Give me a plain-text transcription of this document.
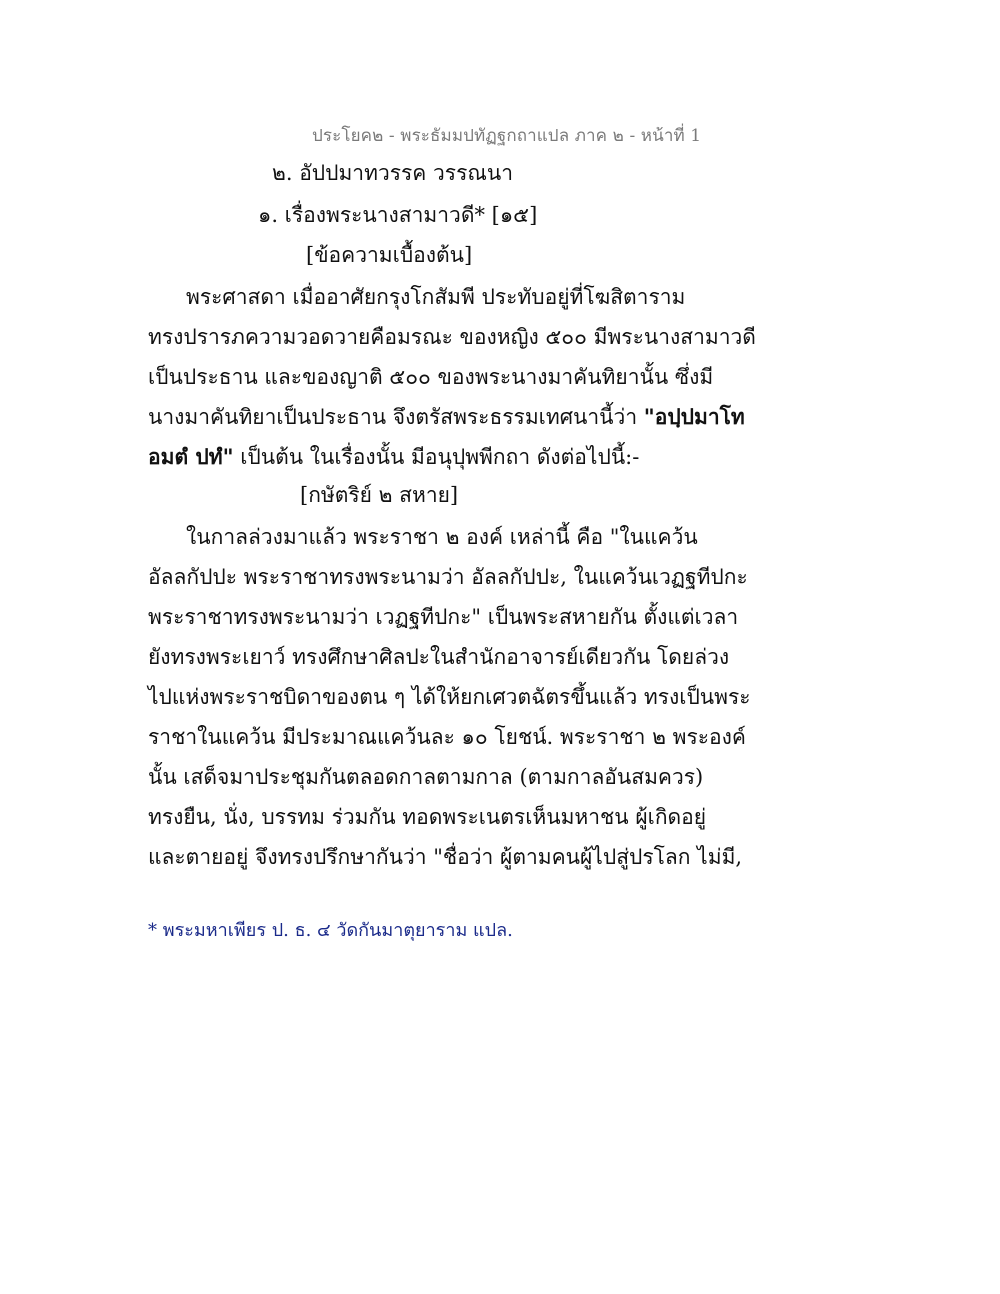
ประโยค๒ - พระธัมมปทัฏฐกถาแปล ภาค ๒ - หน้าที่ 1
๒. อัปปมาทวรรค วรรณนา
๑. เรื่องพระนางสามาวดี* [๑๕]
[ข้อความเบื้องต้น]
พระศาสดา เมื่ออาศัยกรุงโกสัมพี ประทับอยู่ที่โฆสิตาราม
ทรงปรารภความวอดวายคือมรณะ ของหญิง ๕๐๐ มีพระนางสามาวดี
เป็นประธาน และของญาติ ๕๐๐ ของพระนางมาคันทิยานั้น ซึ่งมี
นางมาคันทิยาเป็นประธาน จึงตรัสพระธรรมเทศนานี้ว่า "อปฺปมาโท
อมตํ ปทํ" เป็นต้น ในเรื่องนั้น มีอนุปุพพีกถา ดังต่อไปนี้:-
[กษัตริย์ ๒ สหาย]
ในกาลล่วงมาแล้ว พระราชา ๒ องค์ เหล่านี้ คือ "ในแคว้น
อัลลกัปปะ พระราชาทรงพระนามว่า อัลลกัปปะ, ในแคว้นเวฏฐทีปกะ
พระราชาทรงพระนามว่า เวฏฐทีปกะ" เป็นพระสหายกัน ตั้งแต่เวลา
ยังทรงพระเยาว์ ทรงศึกษาศิลปะในสำนักอาจารย์เดียวกัน โดยล่วง
ไปแห่งพระราชบิดาของตน ๆ ได้ให้ยกเศวตฉัตรขึ้นแล้ว ทรงเป็นพระ
ราชาในแคว้น มีประมาณแคว้นละ ๑๐ โยชน์. พระราชา ๒ พระองค์
นั้น เสด็จมาประชุมกันตลอดกาลตามกาล (ตามกาลอันสมควร)
ทรงยืน, นั่ง, บรรทม ร่วมกัน ทอดพระเนตรเห็นมหาชน ผู้เกิดอยู่
และตายอยู่ จึงทรงปรึกษากันว่า "ชื่อว่า ผู้ตามคนผู้ไปสู่ปรโลก ไม่มี,
* พระมหาเพียร ป. ธ. ๔ วัดกันมาตุยาราม แปล.
